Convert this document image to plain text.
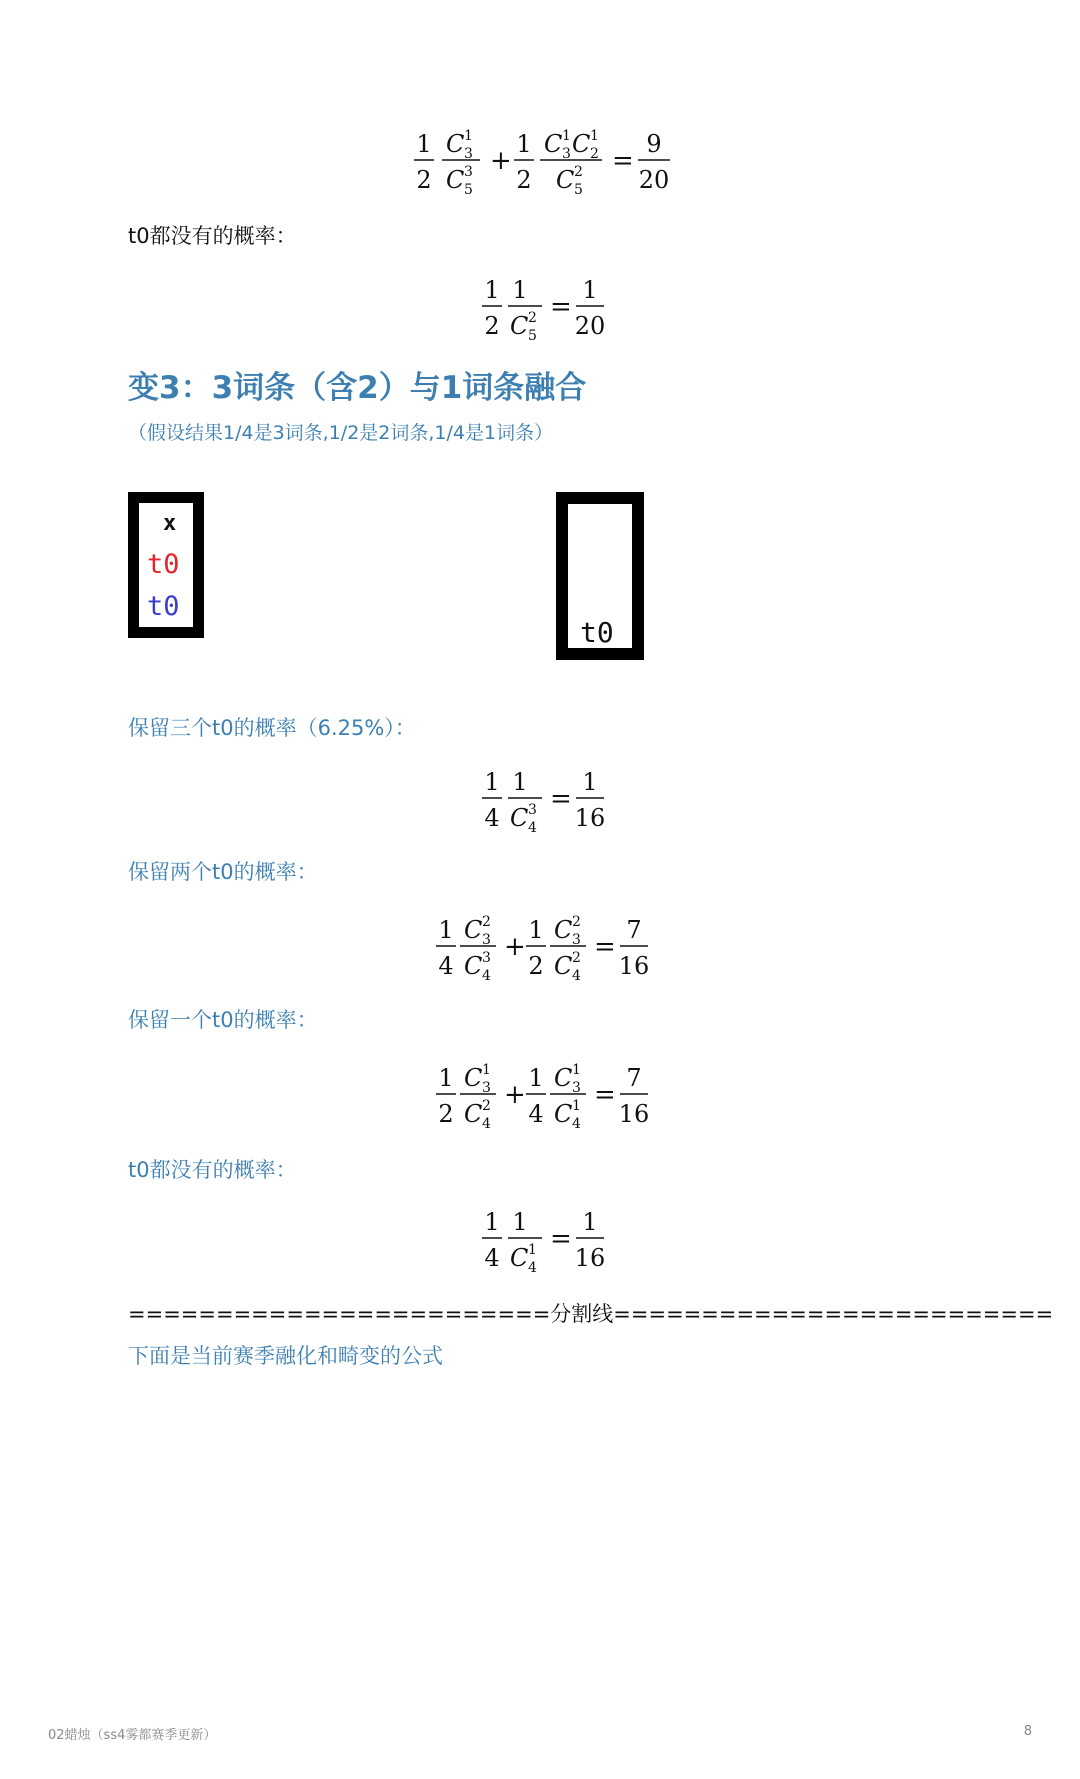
1
2
C 1
3
C 3
5
+
1
2
C 1
3 C 1
2
C 2
5
=
9
20
t0都没有的概率：
1
2
1
C 2
5
=
1
20
变3：3词条（含2）与1词条融合
（假设结果1/4是3词条,1/2是2词条,1/4是1词条）
x
t0
t0
t0
保留三个t0的概率（6.25%）：
1
4
1
C 3
4
=
1
16
保留两个t0的概率：
1
4
C 2
3
C 3
4
+
1
2
C 2
3
C 2
4
=
7
16
保留一个t0的概率：
1
2
C 1
3
C 2
4
+
1
4
C 1
3
C 1
4
=
7
16
t0都没有的概率：
1
4
1
C 1
4
=
1
16
========================分割线=========================
下面是当前赛季融化和畸变的公式
02蜡烛（ss4雾都赛季更新）	8
